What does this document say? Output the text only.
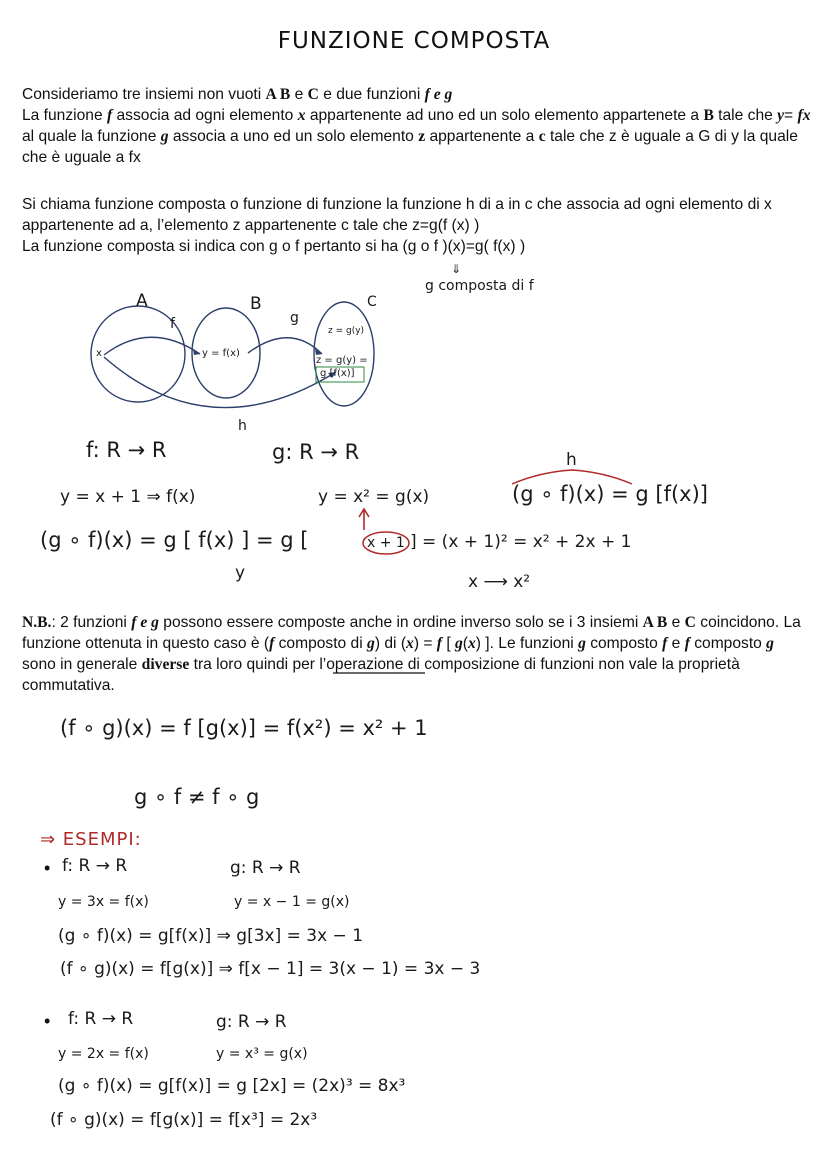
FUNZIONE COMPOSTA

Consideriamo tre insiemi non vuoti A B e C e due funzioni f e g

La funzione f associa ad ogni elemento x appartenente ad uno ed un solo elemento appartenete a B tale che y= fx al quale la funzione g associa a uno ed un solo elemento z appartenente a c tale che z è uguale a G di y la quale che è uguale a fx

Si chiama funzione composta o funzione di funzione la funzione h di a in c che associa ad ogni elemento di x appartenente ad a, l’elemento z appartenente c tale che z=g(f (x) )

La funzione composta si indica con g o f pertanto si ha (g o f )(x)=g( f(x) )

⇓
g composta di f
A	B	C
f	g
h
x	y = f(x)
z = g(y)
z = g(y) =
g [f(x)]
f: R → R	g: R → R	h
y = x + 1 ⇒ f(x)	y = x² = g(x)	(g ∘ f)(x) = g [f(x)]
(g ∘ f)(x) = g [ f(x) ] = g [	x + 1 ] = (x + 1)² = x² + 2x + 1
y	x ⟶ x²

N.B.: 2 funzioni f e g possono essere composte anche in ordine inverso solo se i 3 insiemi A B e C coincidono. La funzione ottenuta in questo caso è (f composto di g) di (x) = f [ g(x) ]. Le funzioni g composto f e f composto g sono in generale diverse tra loro quindi per l’operazione di composizione di funzioni non vale la proprietà commutativa.

(f ∘ g)(x) = f [g(x)] = f(x²) = x² + 1
g ∘ f ≠ f ∘ g
⇒ ESEMPI:
• f: R → R	g: R → R
y = 3x = f(x)	y = x − 1 = g(x)
(g ∘ f)(x) = g[f(x)] ⇒ g[3x] = 3x − 1
(f ∘ g)(x) = f[g(x)] ⇒ f[x − 1] = 3(x − 1) = 3x − 3
• f: R → R	g: R → R
y = 2x = f(x)	y = x³ = g(x)
(g ∘ f)(x) = g[f(x)] = g [2x] = (2x)³ = 8x³
(f ∘ g)(x) = f[g(x)] = f[x³] = 2x³
